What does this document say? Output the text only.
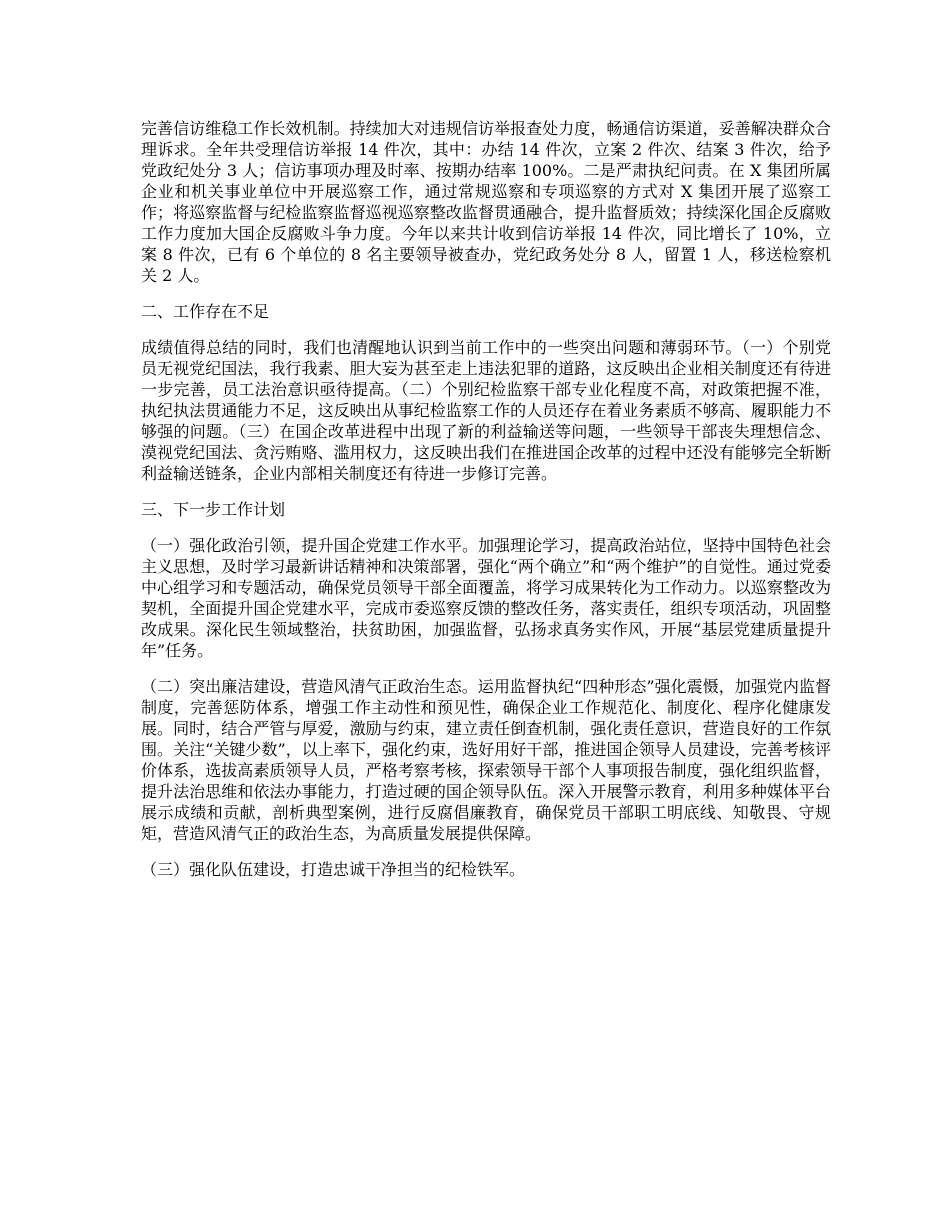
完善信访维稳工作长效机制。持续加大对违规信访举报查处力度，畅通信访渠道，妥善解决群众合理诉求。全年共受理信访举报 14 件次，其中：办结 14 件次，立案 2 件次、结案 3 件次，给予党政纪处分 3 人；信访事项办理及时率、按期办结率 100%。二是严肃执纪问责。在 X 集团所属企业和机关事业单位中开展巡察工作，通过常规巡察和专项巡察的方式对 X 集团开展了巡察工作；将巡察监督与纪检监察监督巡视巡察整改监督贯通融合，提升监督质效；持续深化国企反腐败工作力度加大国企反腐败斗争力度。今年以来共计收到信访举报 14 件次，同比增长了 10%，立案 8 件次，已有 6 个单位的 8 名主要领导被查办，党纪政务处分 8 人，留置 1 人，移送检察机关 2 人。

二、工作存在不足

成绩值得总结的同时，我们也清醒地认识到当前工作中的一些突出问题和薄弱环节。（一）个别党员无视党纪国法，我行我素、胆大妄为甚至走上违法犯罪的道路，这反映出企业相关制度还有待进一步完善，员工法治意识亟待提高。（二）个别纪检监察干部专业化程度不高，对政策把握不准，执纪执法贯通能力不足，这反映出从事纪检监察工作的人员还存在着业务素质不够高、履职能力不够强的问题。（三）在国企改革进程中出现了新的利益输送等问题，一些领导干部丧失理想信念、漠视党纪国法、贪污贿赂、滥用权力，这反映出我们在推进国企改革的过程中还没有能够完全斩断利益输送链条，企业内部相关制度还有待进一步修订完善。

三、下一步工作计划

（一）强化政治引领，提升国企党建工作水平。加强理论学习，提高政治站位，坚持中国特色社会主义思想，及时学习最新讲话精神和决策部署，强化“两个确立”和“两个维护”的自觉性。通过党委中心组学习和专题活动，确保党员领导干部全面覆盖，将学习成果转化为工作动力。以巡察整改为契机，全面提升国企党建水平，完成市委巡察反馈的整改任务，落实责任，组织专项活动，巩固整改成果。深化民生领域整治，扶贫助困，加强监督，弘扬求真务实作风，开展“基层党建质量提升年”任务。

（二）突出廉洁建设，营造风清气正政治生态。运用监督执纪“四种形态”强化震慑，加强党内监督制度，完善惩防体系，增强工作主动性和预见性，确保企业工作规范化、制度化、程序化健康发展。同时，结合严管与厚爱，激励与约束，建立责任倒查机制，强化责任意识，营造良好的工作氛围。关注“关键少数”，以上率下，强化约束，选好用好干部，推进国企领导人员建设，完善考核评价体系，选拔高素质领导人员，严格考察考核，探索领导干部个人事项报告制度，强化组织监督，提升法治思维和依法办事能力，打造过硬的国企领导队伍。深入开展警示教育，利用多种媒体平台展示成绩和贡献，剖析典型案例，进行反腐倡廉教育，确保党员干部职工明底线、知敬畏、守规矩，营造风清气正的政治生态，为高质量发展提供保障。

（三）强化队伍建设，打造忠诚干净担当的纪检铁军。
